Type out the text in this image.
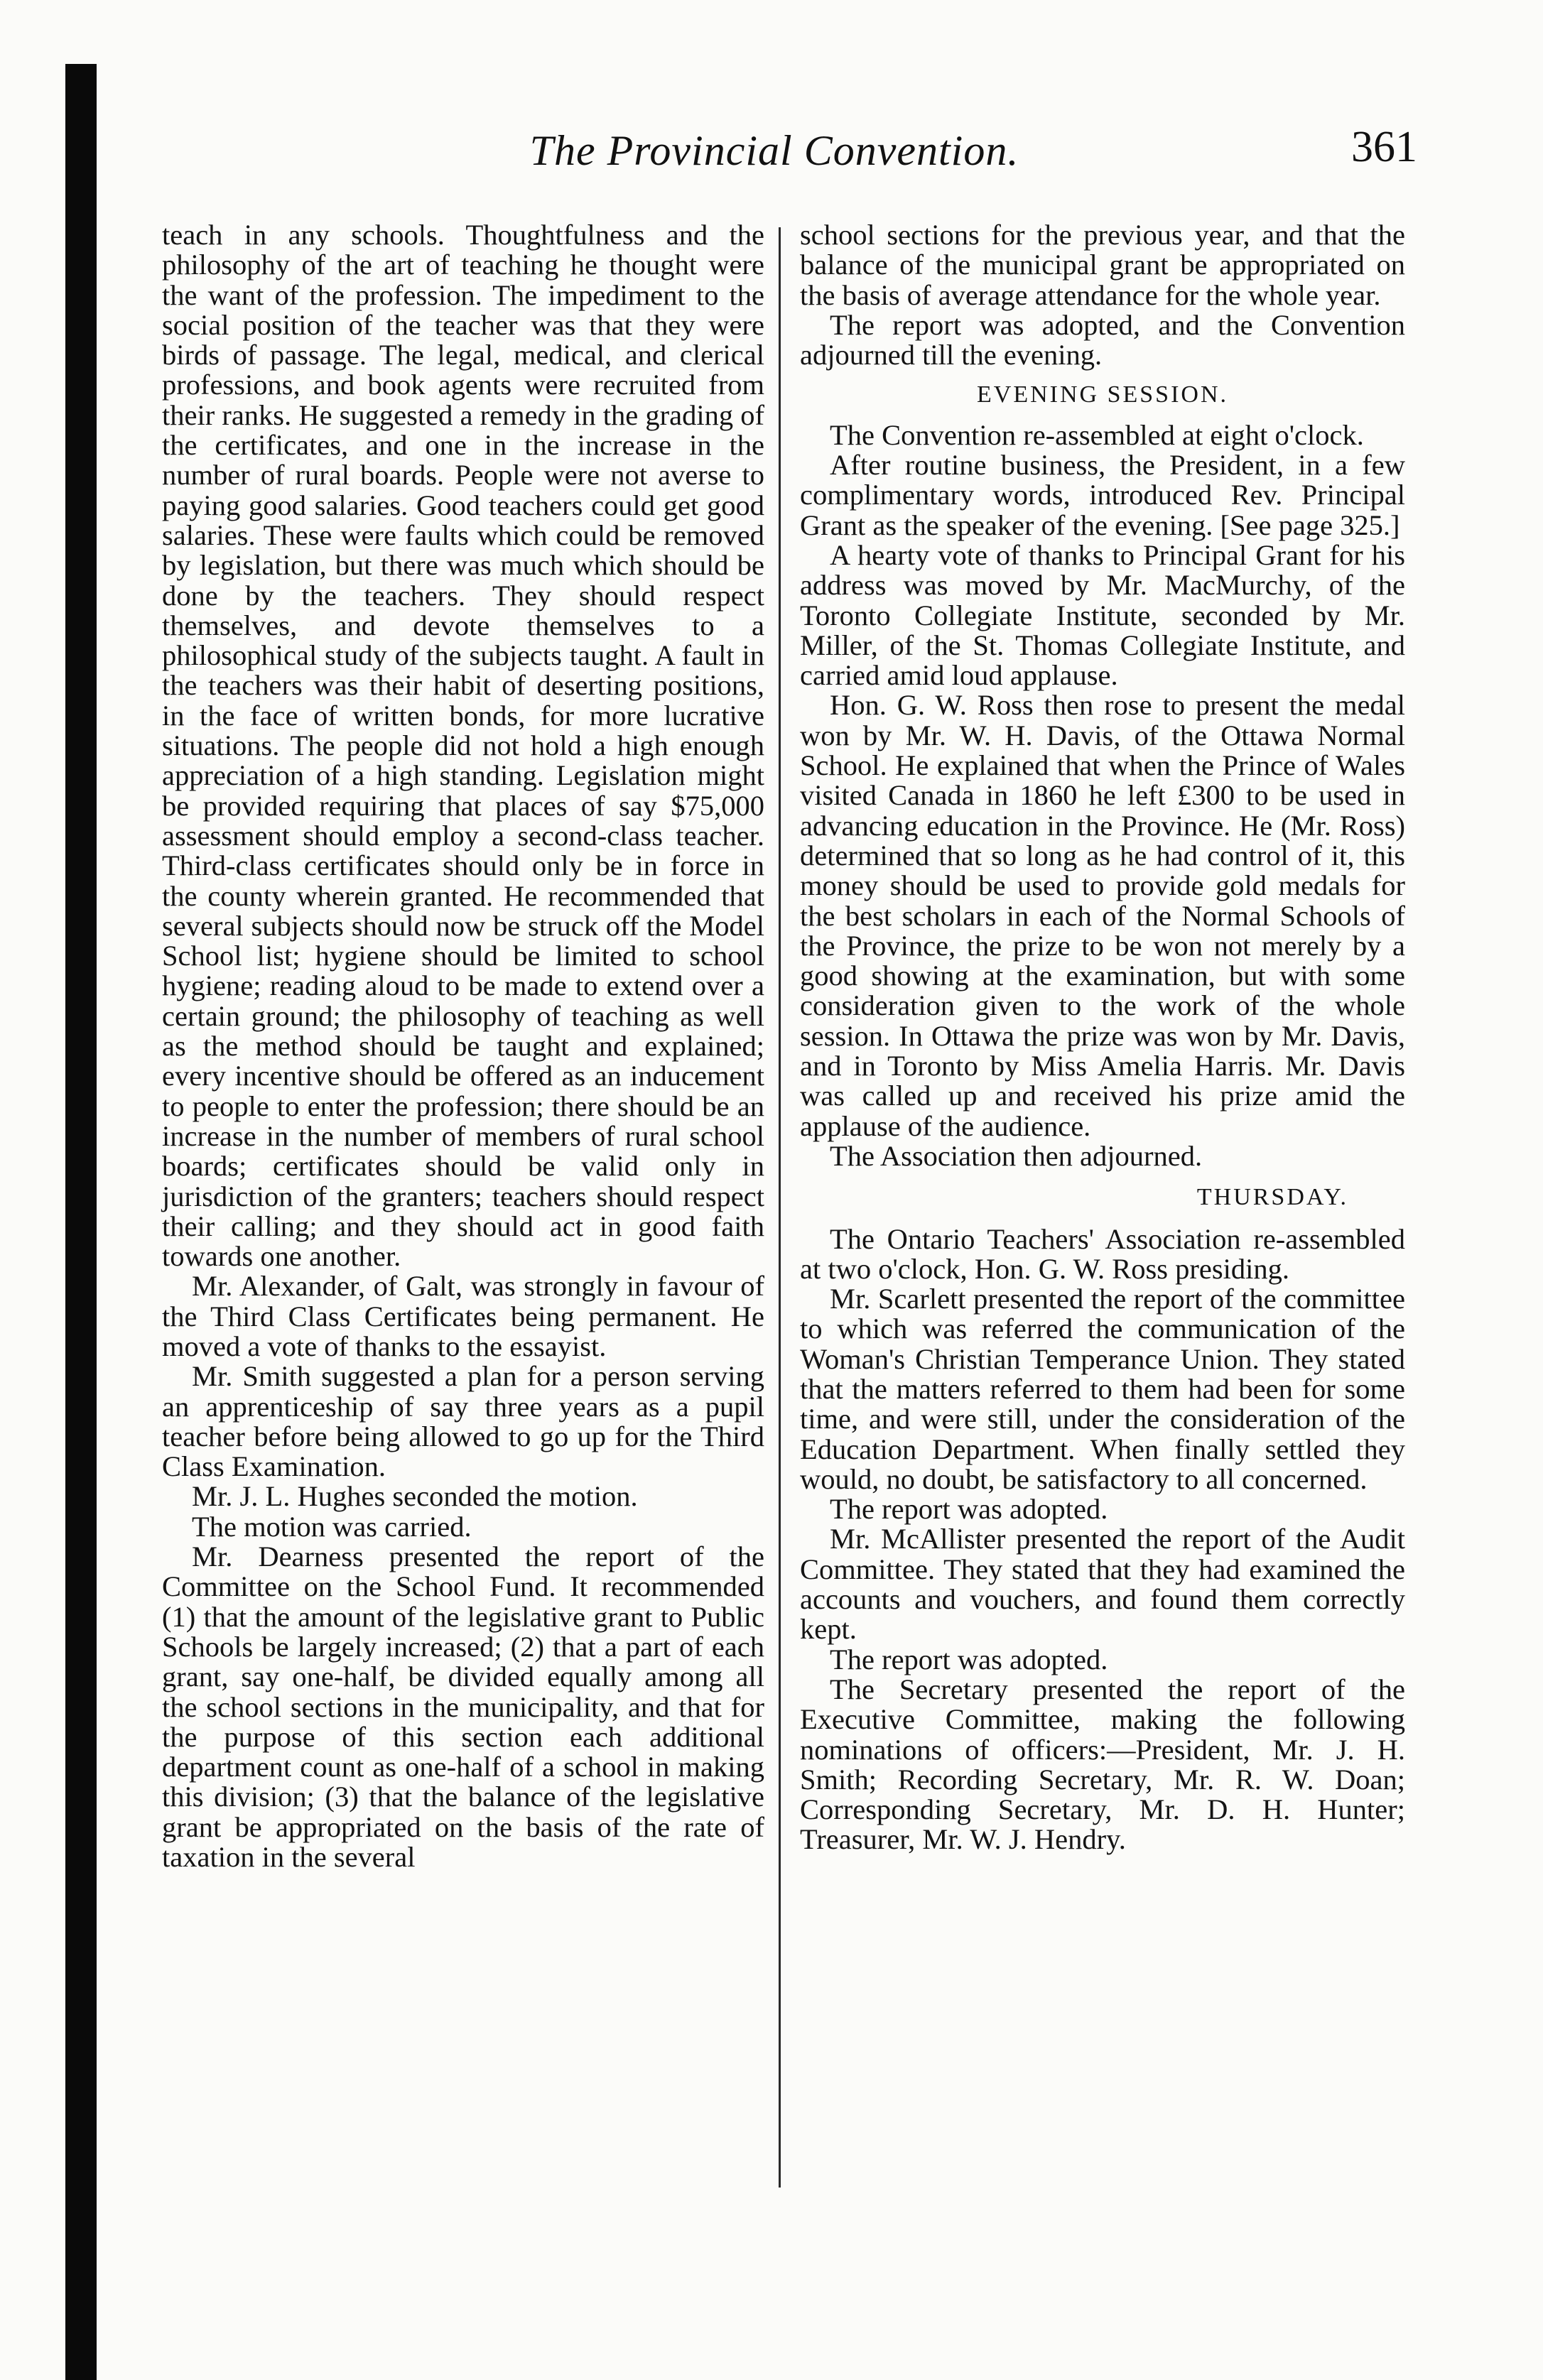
The Provincial Convention.	361

teach in any schools. Thoughtfulness and the philosophy of the art of teaching he thought were the want of the profession. The impediment to the social position of the teacher was that they were birds of passage. The legal, medical, and clerical professions, and book agents were recruited from their ranks. He suggested a remedy in the grading of the certificates, and one in the increase in the number of rural boards. People were not averse to paying good salaries. Good teachers could get good salaries. These were faults which could be removed by legislation, but there was much which should be done by the teachers. They should respect themselves, and devote themselves to a philosophical study of the subjects taught. A fault in the teachers was their habit of deserting positions, in the face of written bonds, for more lucrative situations. The people did not hold a high enough appreciation of a high standing. Legislation might be provided requiring that places of say $75,000 assessment should employ a second-class teacher. Third-class certificates should only be in force in the county wherein granted. He recommended that several subjects should now be struck off the Model School list; hygiene should be limited to school hygiene; reading aloud to be made to extend over a certain ground; the philosophy of teaching as well as the method should be taught and explained; every incentive should be offered as an inducement to people to enter the profession; there should be an increase in the number of members of rural school boards; certificates should be valid only in jurisdiction of the granters; teachers should respect their calling; and they should act in good faith towards one another.

Mr. Alexander, of Galt, was strongly in favour of the Third Class Certificates being permanent. He moved a vote of thanks to the essayist.

Mr. Smith suggested a plan for a person serving an apprenticeship of say three years as a pupil teacher before being allowed to go up for the Third Class Examination.

Mr. J. L. Hughes seconded the motion.

The motion was carried.

Mr. Dearness presented the report of the Committee on the School Fund. It recommended (1) that the amount of the legislative grant to Public Schools be largely increased; (2) that a part of each grant, say one-half, be divided equally among all the school sections in the municipality, and that for the purpose of this section each additional department count as one-half of a school in making this division; (3) that the balance of the legislative grant be appropriated on the basis of the rate of taxation in the several

school sections for the previous year, and that the balance of the municipal grant be appropriated on the basis of average attendance for the whole year.

The report was adopted, and the Convention adjourned till the evening.

EVENING SESSION.

The Convention re-assembled at eight o'clock.

After routine business, the President, in a few complimentary words, introduced Rev. Principal Grant as the speaker of the evening. [See page 325.]

A hearty vote of thanks to Principal Grant for his address was moved by Mr. MacMurchy, of the Toronto Collegiate Institute, seconded by Mr. Miller, of the St. Thomas Collegiate Institute, and carried amid loud applause.

Hon. G. W. Ross then rose to present the medal won by Mr. W. H. Davis, of the Ottawa Normal School. He explained that when the Prince of Wales visited Canada in 1860 he left £300 to be used in advancing education in the Province. He (Mr. Ross) determined that so long as he had control of it, this money should be used to provide gold medals for the best scholars in each of the Normal Schools of the Province, the prize to be won not merely by a good showing at the examination, but with some consideration given to the work of the whole session. In Ottawa the prize was won by Mr. Davis, and in Toronto by Miss Amelia Harris. Mr. Davis was called up and received his prize amid the applause of the audience.

The Association then adjourned.

THURSDAY.

The Ontario Teachers' Association re-assembled at two o'clock, Hon. G. W. Ross presiding.

Mr. Scarlett presented the report of the committee to which was referred the communication of the Woman's Christian Temperance Union. They stated that the matters referred to them had been for some time, and were still, under the consideration of the Education Department. When finally settled they would, no doubt, be satisfactory to all concerned.

The report was adopted.

Mr. McAllister presented the report of the Audit Committee. They stated that they had examined the accounts and vouchers, and found them correctly kept.

The report was adopted.

The Secretary presented the report of the Executive Committee, making the following nominations of officers:—President, Mr. J. H. Smith; Recording Secretary, Mr. R. W. Doan; Corresponding Secretary, Mr. D. H. Hunter; Treasurer, Mr. W. J. Hendry.
